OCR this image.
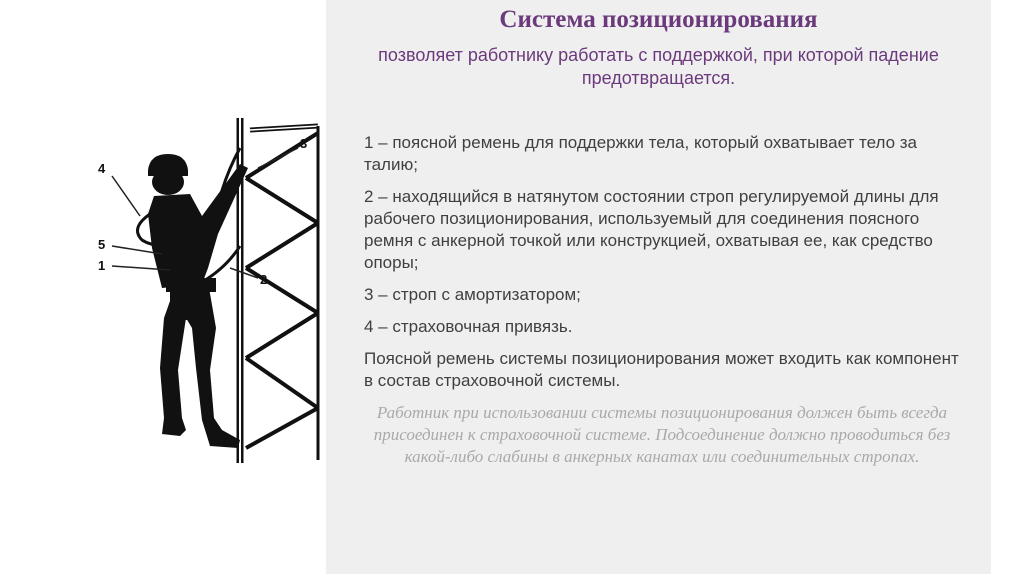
4
5
1
3
2
Система позиционирования
позволяет работнику работать с поддержкой, при которой падение предотвращается.

1 – поясной ремень для поддержки тела, который охватывает тело за талию;

2 – находящийся в натянутом состоянии строп регулируемой длины для рабочего позиционирования, используемый для соединения поясного ремня с анкерной точкой или конструкцией, охватывая ее, как средство опоры;

3 – строп с амортизатором;

4 – страховочная привязь.

Поясной ремень системы позиционирования может входить как компонент в состав страховочной системы.

Работник при использовании системы позиционирования должен быть всегда присоединен к страховочной системе. Подсоединение должно проводиться без какой-либо слабины в анкерных канатах или соединительных стропах.
